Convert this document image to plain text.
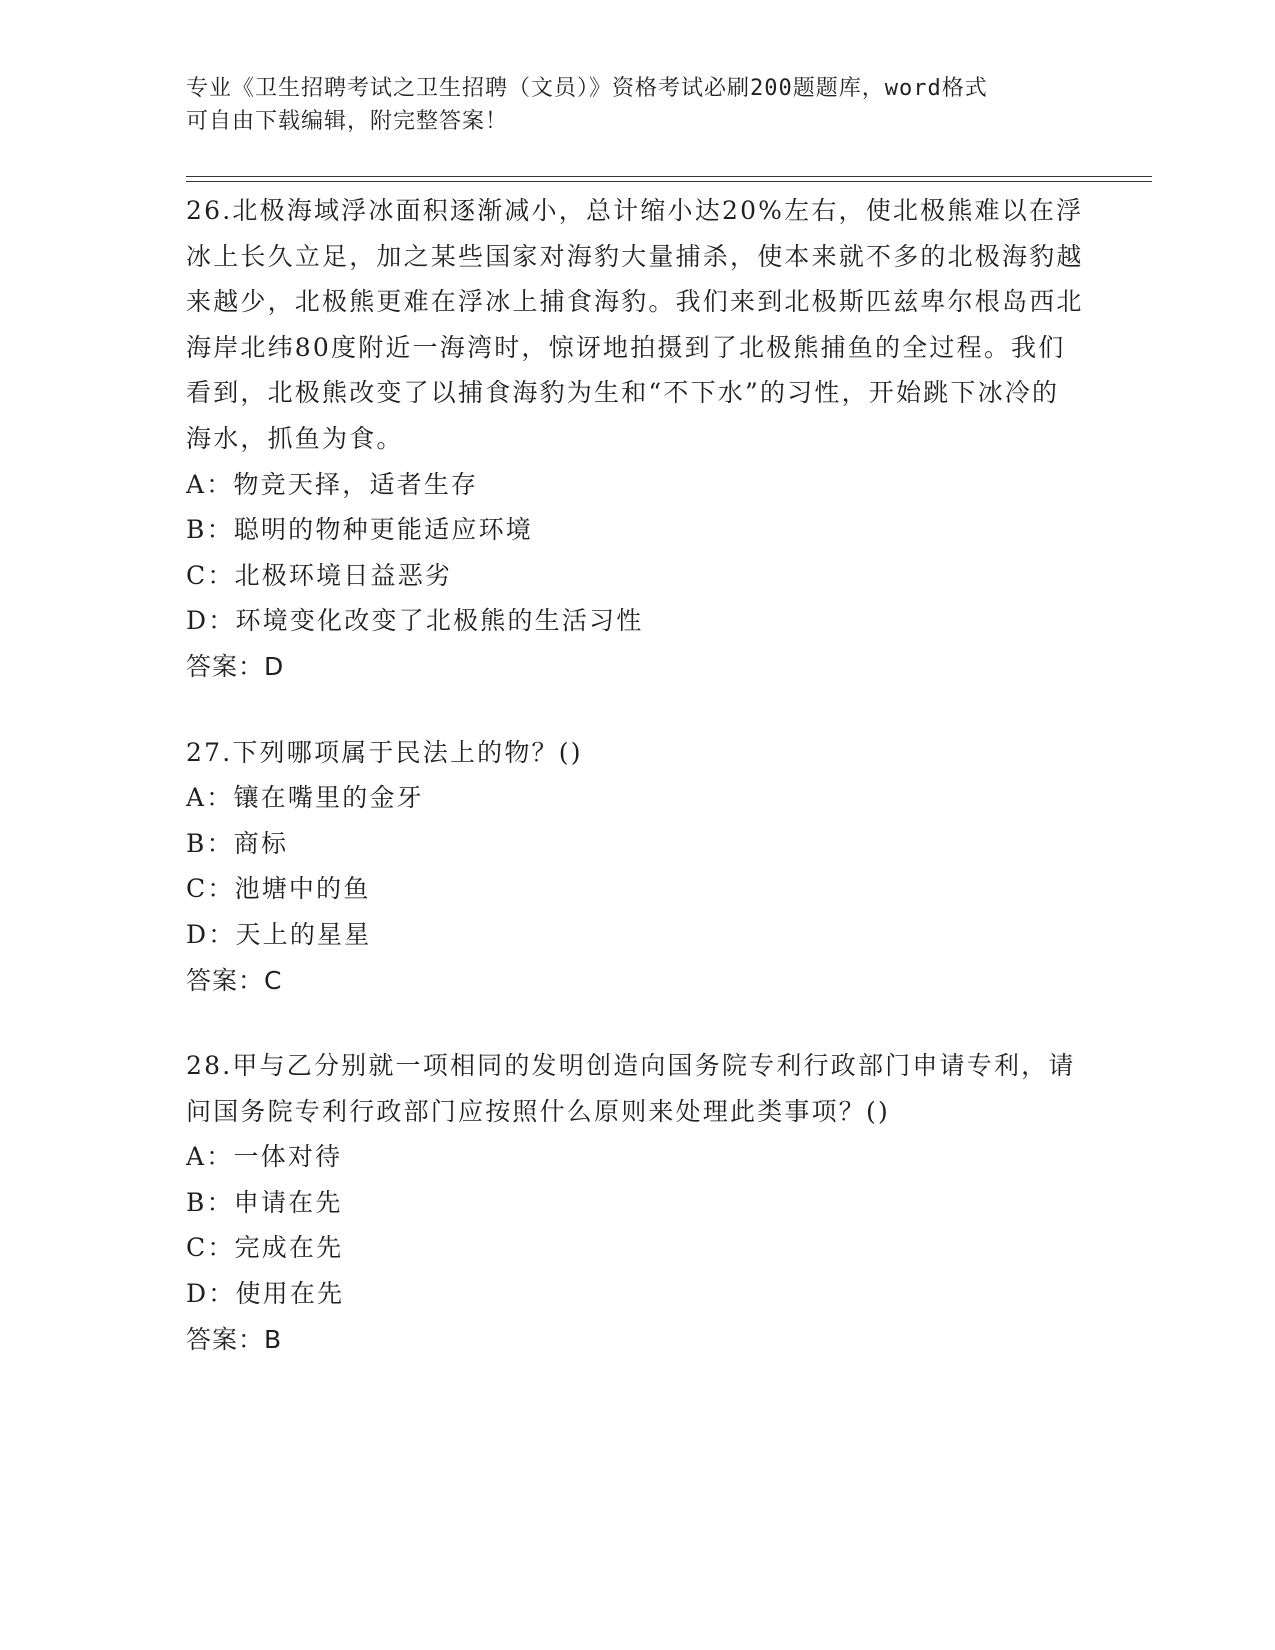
专业《卫生招聘考试之卫生招聘（文员）》资格考试必刷200题题库，word格式
可自由下载编辑，附完整答案！

26.北极海域浮冰面积逐渐减小，总计缩小达20%左右，使北极熊难以在浮冰上长久立足，加之某些国家对海豹大量捕杀，使本来就不多的北极海豹越来越少，北极熊更难在浮冰上捕食海豹。我们来到北极斯匹兹卑尔根岛西北海岸北纬80度附近一海湾时，惊讶地拍摄到了北极熊捕鱼的全过程。我们看到，北极熊改变了以捕食海豹为生和“不下水”的习性，开始跳下冰冷的海水，抓鱼为食。

A：物竞天择，适者生存

B：聪明的物种更能适应环境

C：北极环境日益恶劣

D：环境变化改变了北极熊的生活习性

答案：D

27.下列哪项属于民法上的物？()

A：镶在嘴里的金牙

B：商标

C：池塘中的鱼

D：天上的星星

答案：C

28.甲与乙分别就一项相同的发明创造向国务院专利行政部门申请专利，请问国务院专利行政部门应按照什么原则来处理此类事项？()

A：一体对待

B：申请在先

C：完成在先

D：使用在先

答案：B
